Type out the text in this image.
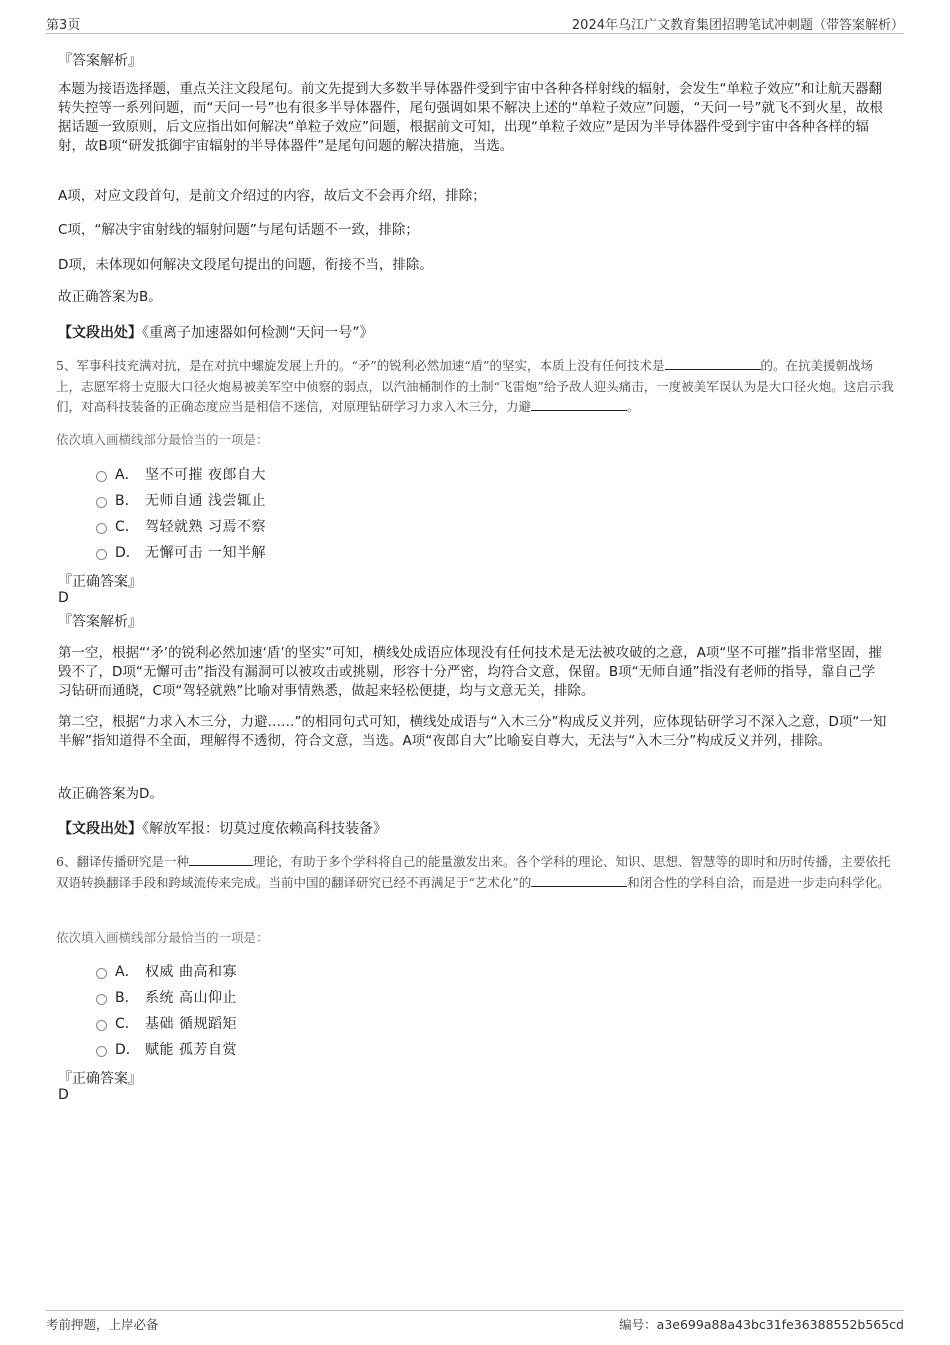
第3页	2024年乌江广文教育集团招聘笔试冲刺题（带答案解析）
『答案解析』
本题为接语选择题，重点关注文段尾句。前文先提到大多数半导体器件受到宇宙中各种各样射线的辐射，会发生“单粒子效应”和让航天器翻转失控等一系列问题，而“天问一号”也有很多半导体器件，尾句强调如果不解决上述的“单粒子效应”问题，“天问一号”就飞不到火星，故根据话题一致原则，后文应指出如何解决“单粒子效应”问题，根据前文可知，出现“单粒子效应”是因为半导体器件受到宇宙中各种各样的辐射，故B项“研发抵御宇宙辐射的半导体器件”是尾句问题的解决措施，当选。
A项，对应文段首句，是前文介绍过的内容，故后文不会再介绍，排除；
C项，“解决宇宙射线的辐射问题”与尾句话题不一致，排除；
D项，未体现如何解决文段尾句提出的问题，衔接不当，排除。
故正确答案为B。
【文段出处】《重离子加速器如何检测“天问一号”》
5、军事科技充满对抗，是在对抗中螺旋发展上升的。“矛”的锐利必然加速“盾”的坚实，本质上没有任何技术是	的。在抗美援朝战场上，志愿军将士克服大口径火炮易被美军空中侦察的弱点，以汽油桶制作的土制“飞雷炮”给予敌人迎头痛击，一度被美军误认为是大口径火炮。这启示我们，对高科技装备的正确态度应当是相信不迷信，对原理钻研学习力求入木三分，力避	。
依次填入画横线部分最恰当的一项是：
A． 坚不可摧 夜郎自大
B． 无师自通 浅尝辄止
C． 驾轻就熟 习焉不察
D． 无懈可击 一知半解
『正确答案』
D
『答案解析』
第一空，根据“‘矛’的锐利必然加速‘盾’的坚实”可知，横线处成语应体现没有任何技术是无法被攻破的之意，A项“坚不可摧”指非常坚固，摧毁不了，D项“无懈可击”指没有漏洞可以被攻击或挑剔，形容十分严密，均符合文意，保留。B项“无师自通”指没有老师的指导，靠自己学习钻研而通晓，C项“驾轻就熟”比喻对事情熟悉，做起来轻松便捷，均与文意无关，排除。
第二空，根据“力求入木三分，力避……”的相同句式可知，横线处成语与“入木三分”构成反义并列，应体现钻研学习不深入之意，D项“一知半解”指知道得不全面，理解得不透彻，符合文意，当选。A项“夜郎自大”比喻妄自尊大，无法与“入木三分”构成反义并列，排除。
故正确答案为D。
【文段出处】《解放军报：切莫过度依赖高科技装备》
6、翻译传播研究是一种	理论，有助于多个学科将自己的能量激发出来。各个学科的理论、知识、思想、智慧等的即时和历时传播，主要依托双语转换翻译手段和跨域流传来完成。当前中国的翻译研究已经不再满足于“艺术化”的	和闭合性的学科自洽，而是进一步走向科学化。
依次填入画横线部分最恰当的一项是：
A． 权威 曲高和寡
B． 系统 高山仰止
C． 基础 循规蹈矩
D． 赋能 孤芳自赏
『正确答案』
D
考前押题，上岸必备	编号：a3e699a88a43bc31fe36388552b565cd
